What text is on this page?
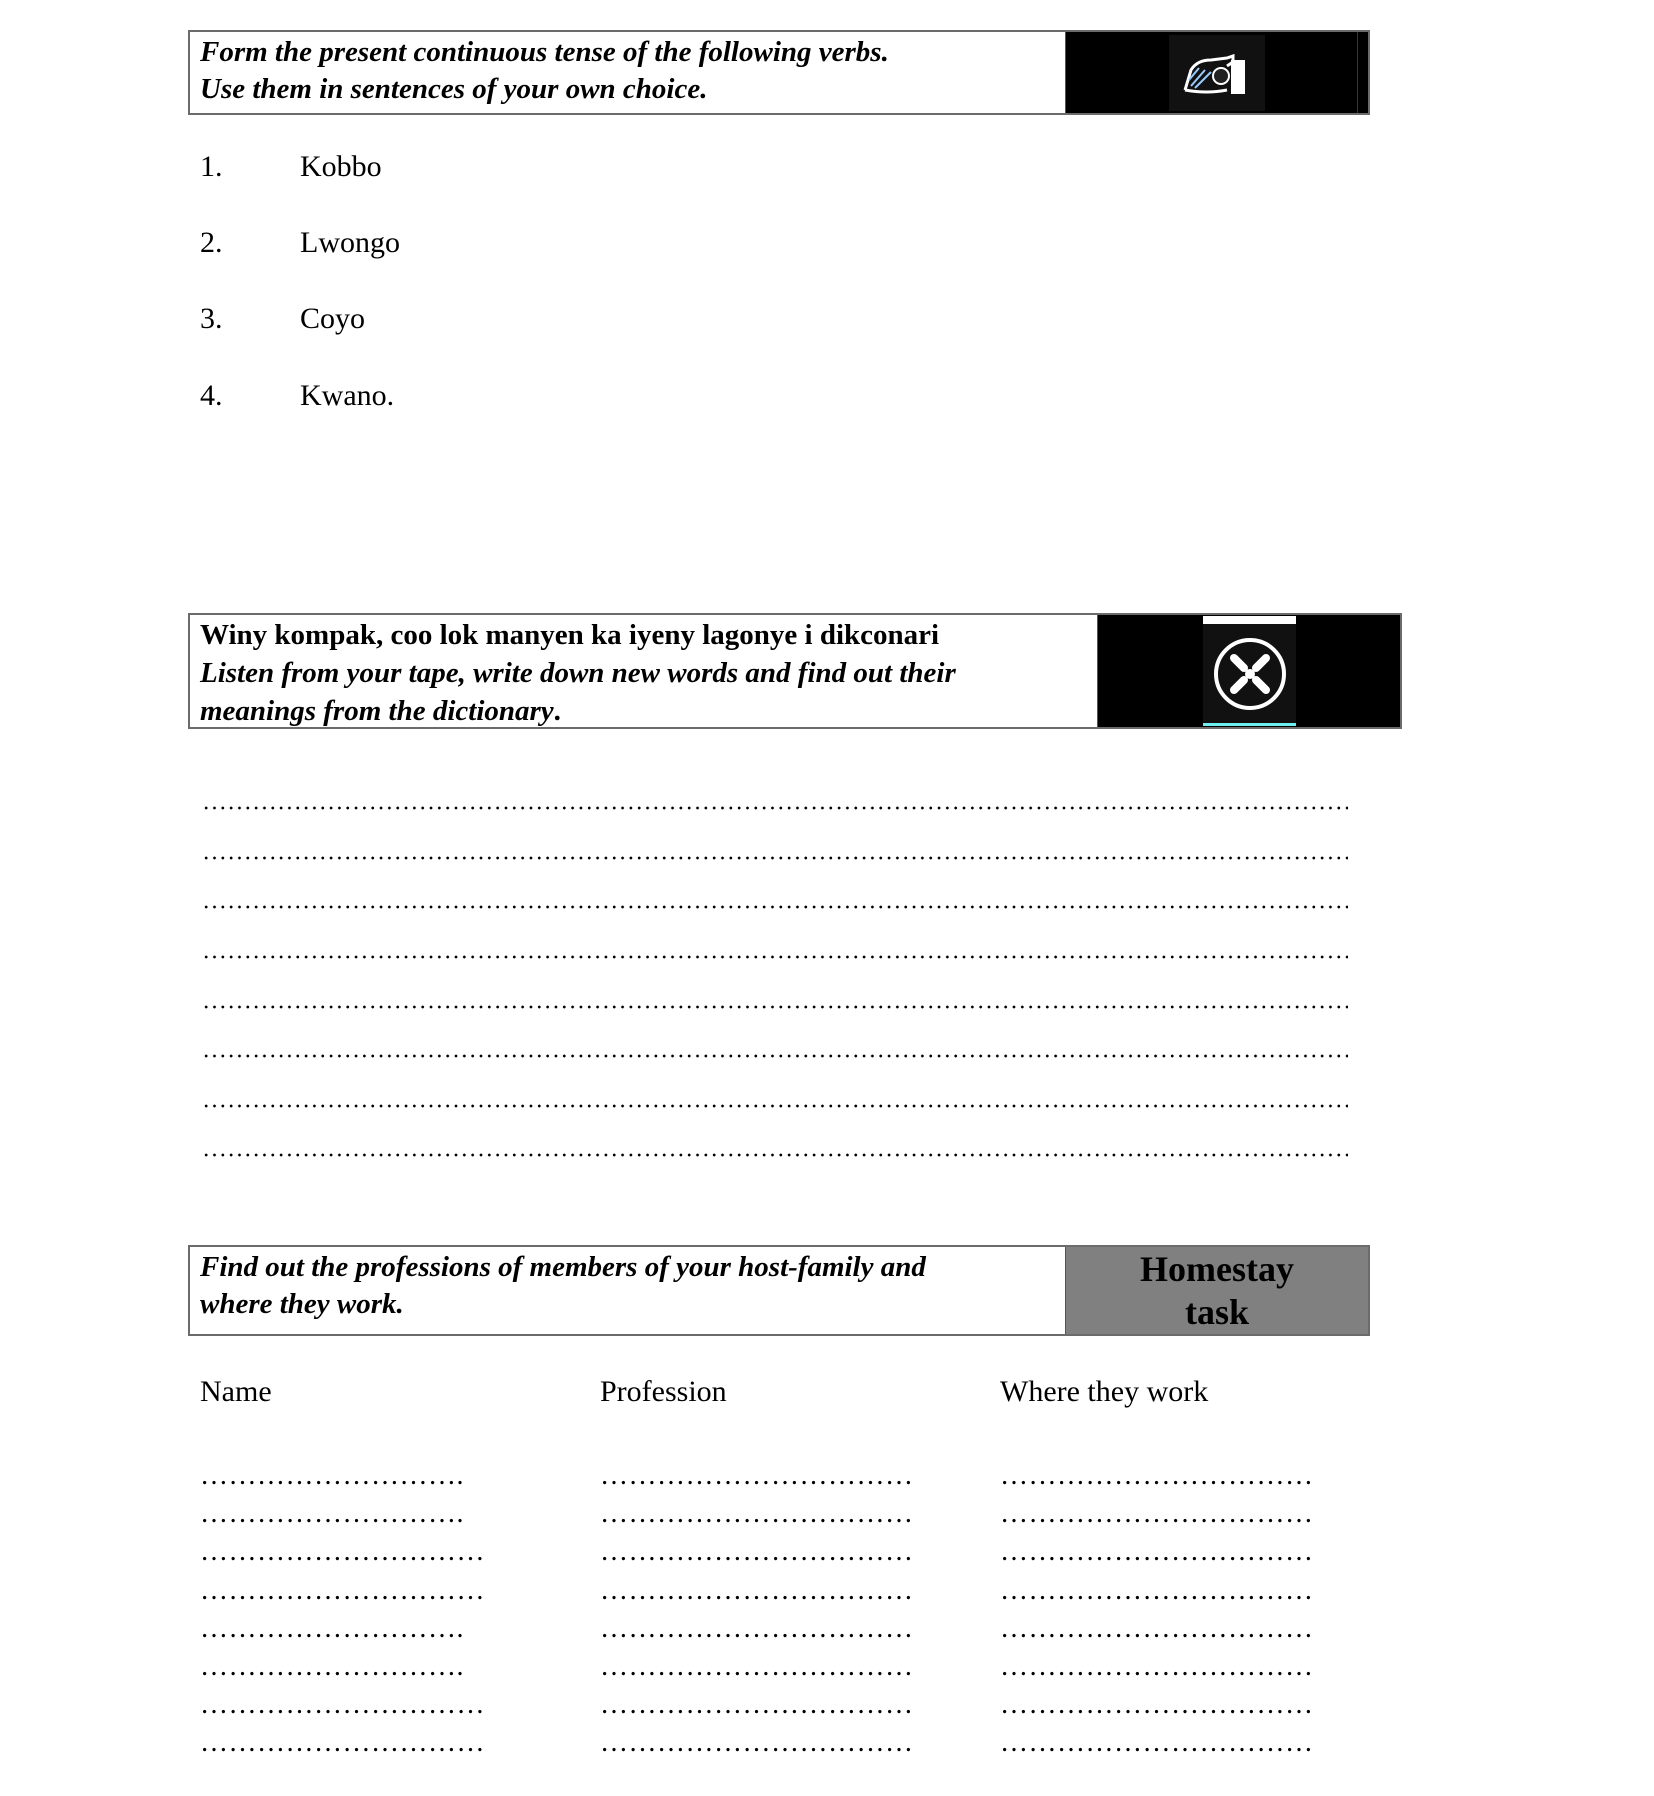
Form the present continuous tense of the following verbs.
Use them in sentences of your own choice.
1.	Kobbo
2.	Lwongo
3.	Coyo
4.	Kwano.
Winy kompak, coo lok manyen ka iyeny lagonye i dikconari
Listen from your tape, write down new words and find out their
meanings from the dictionary.
Find out the professions of members of your host-family and
where they work.
Homestay
task
Name	Profession	Where they work
……………………….	……………………………	……………………………
……………………….	……………………………	……………………………
…………………………	……………………………	……………………………
…………………………	……………………………	……………………………
……………………….	……………………………	……………………………
……………………….	……………………………	……………………………
…………………………	……………………………	……………………………
…………………………	……………………………	……………………………
